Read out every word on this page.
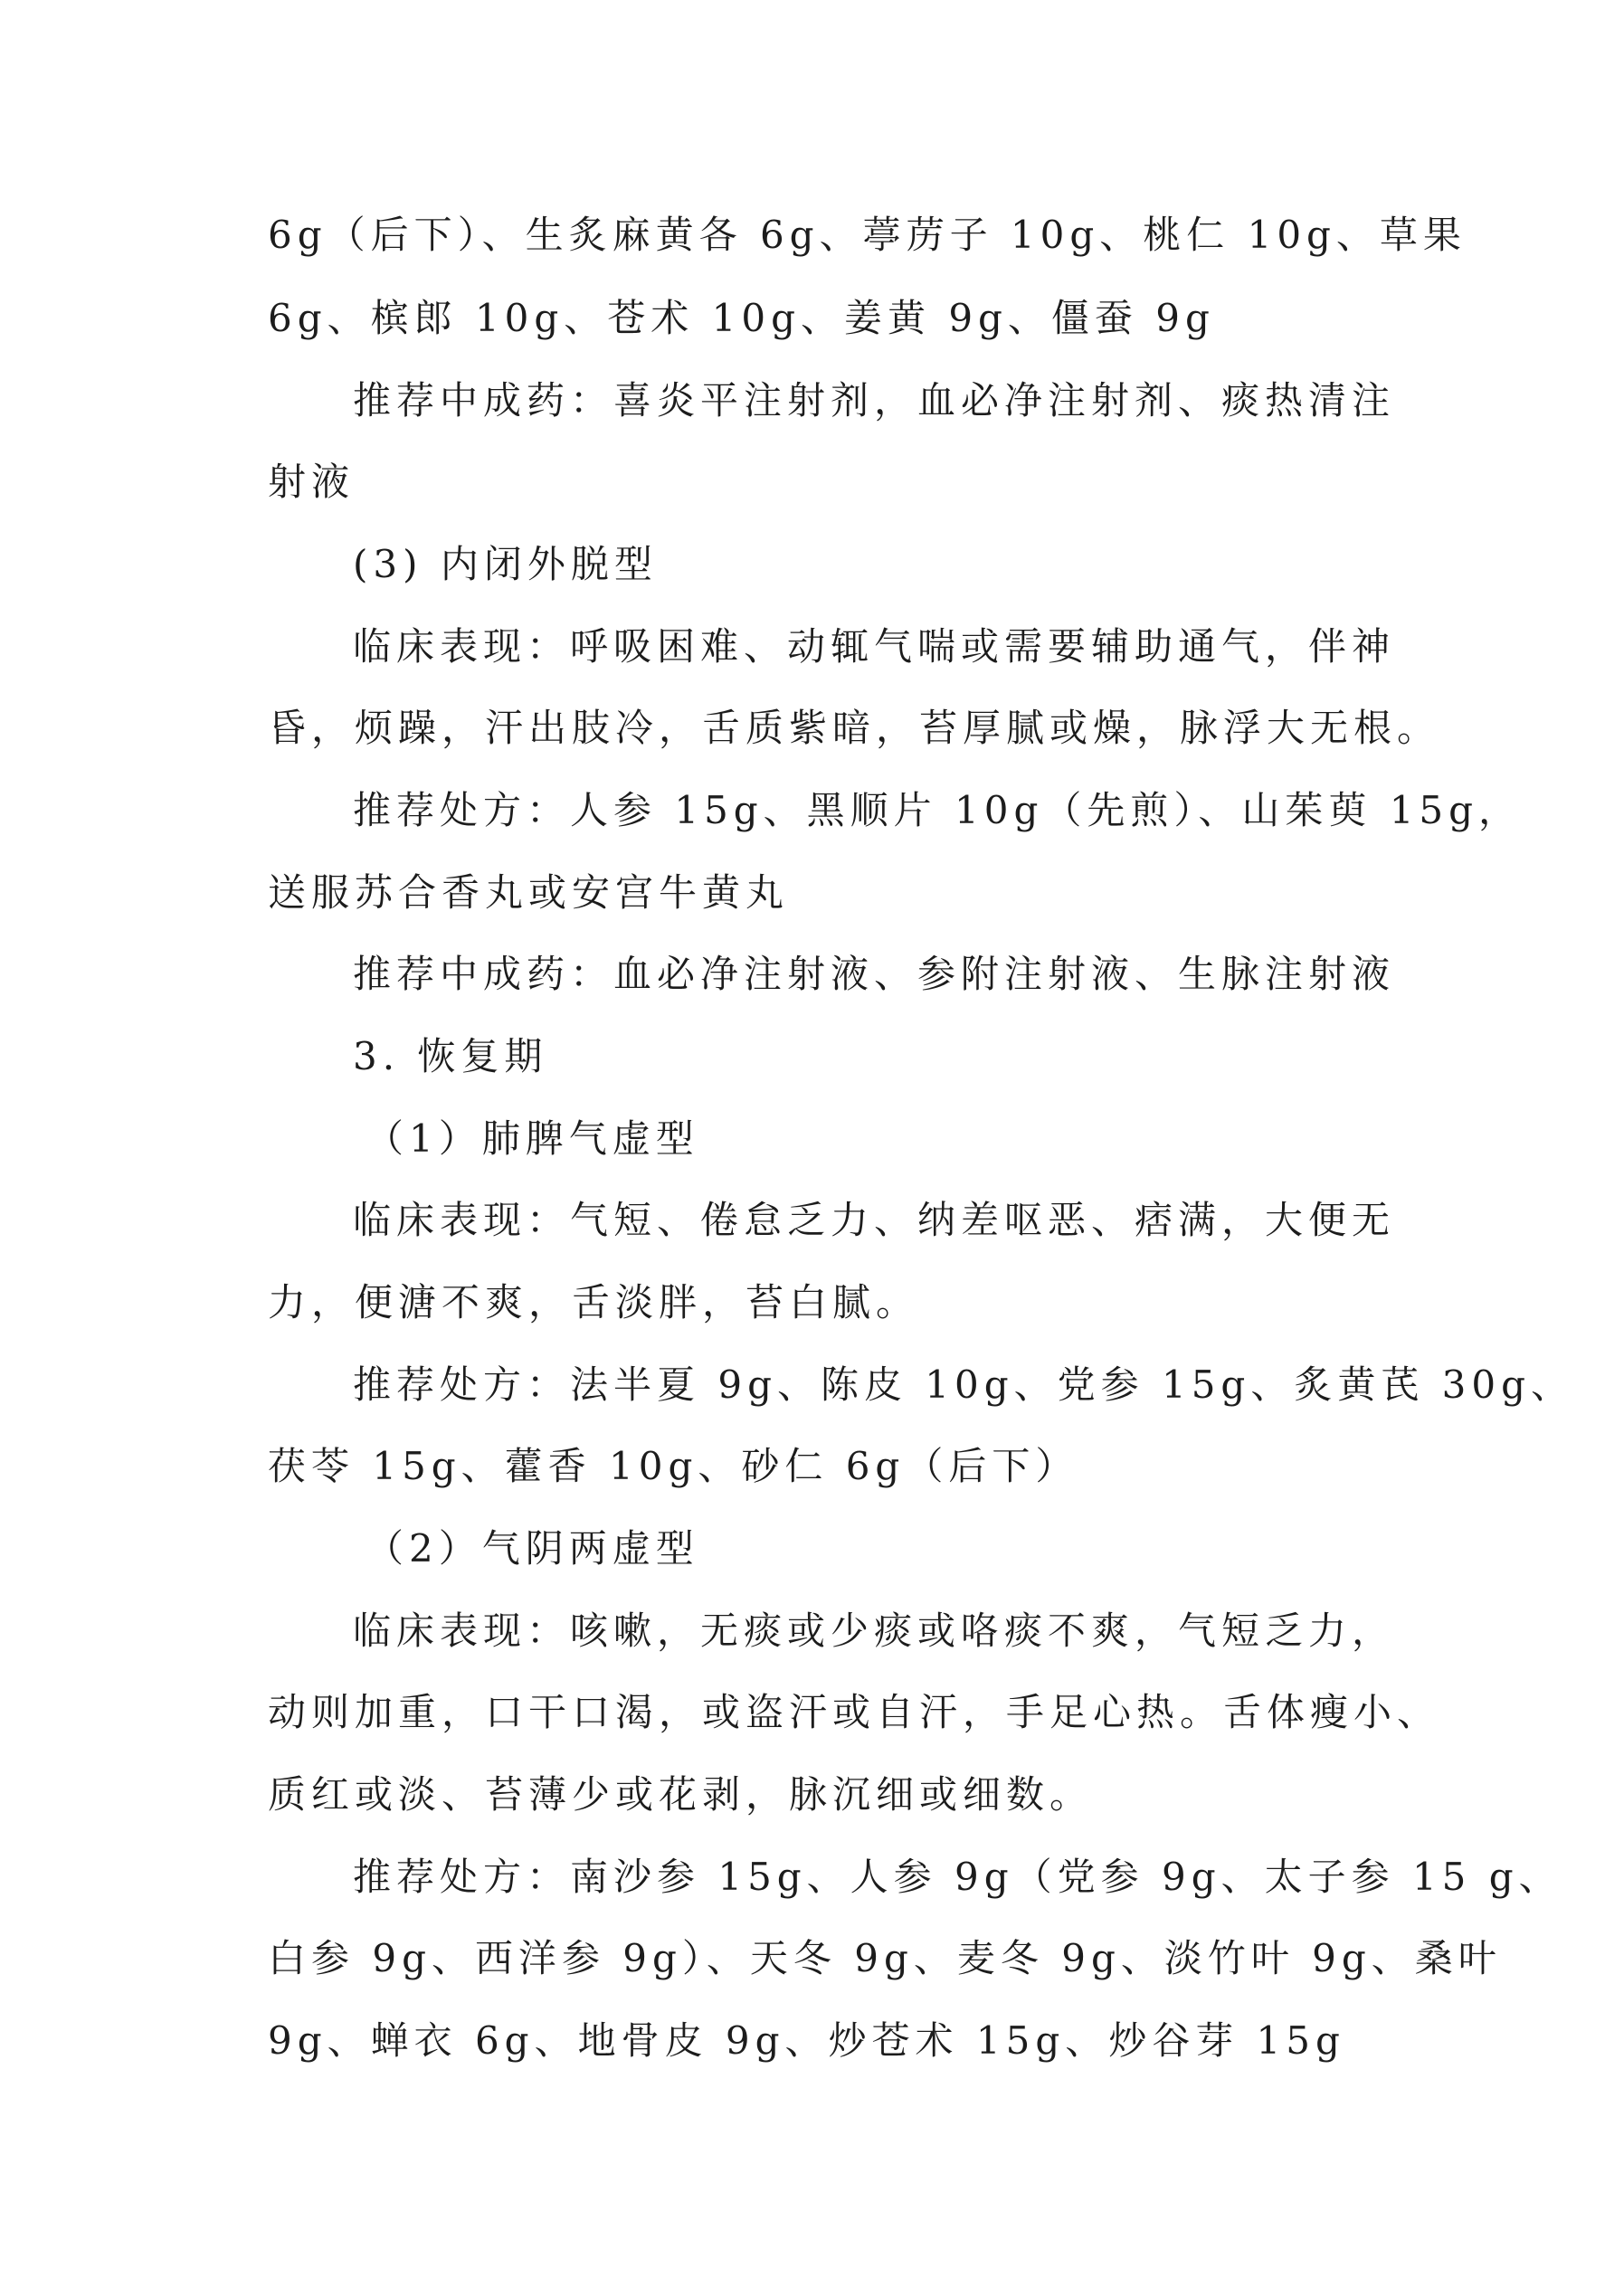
6g（后下）、生炙麻黄各 6g、葶苈子 10g、桃仁 10g、草果
6g、槟郎 10g、苍术 10g、姜黄 9g、僵蚕 9g
推荐中成药：喜炎平注射剂，血必净注射剂、痰热清注
射液
(3) 内闭外脱型
临床表现：呼吸困难、动辄气喘或需要辅助通气，伴神
昏，烦躁，汗出肢冷，舌质紫暗，苔厚腻或燥，脉浮大无根。
推荐处方：人参 15g、黑顺片 10g（先煎）、山茱萸 15g，
送服苏合香丸或安宫牛黄丸
推荐中成药：血必净注射液、参附注射液、生脉注射液
3. 恢复期
（1）肺脾气虚型
临床表现：气短、倦怠乏力、纳差呕恶、痞满，大便无
力，便溏不爽，舌淡胖，苔白腻。
推荐处方：法半夏 9g、陈皮 10g、党参 15g、炙黄芪 30g、
茯苓 15g、藿香 10g、砂仁 6g（后下）
（2）气阴两虚型
临床表现：咳嗽，无痰或少痰或咯痰不爽，气短乏力，
动则加重，口干口渴，或盗汗或自汗，手足心热。舌体瘦小、
质红或淡、苔薄少或花剥，脉沉细或细数。
推荐处方：南沙参 15g、人参 9g（党参 9g、太子参 15 g、
白参 9g、西洋参 9g）、天冬 9g、麦冬 9g、淡竹叶 9g、桑叶
9g、蝉衣 6g、地骨皮 9g、炒苍术 15g、炒谷芽 15g
